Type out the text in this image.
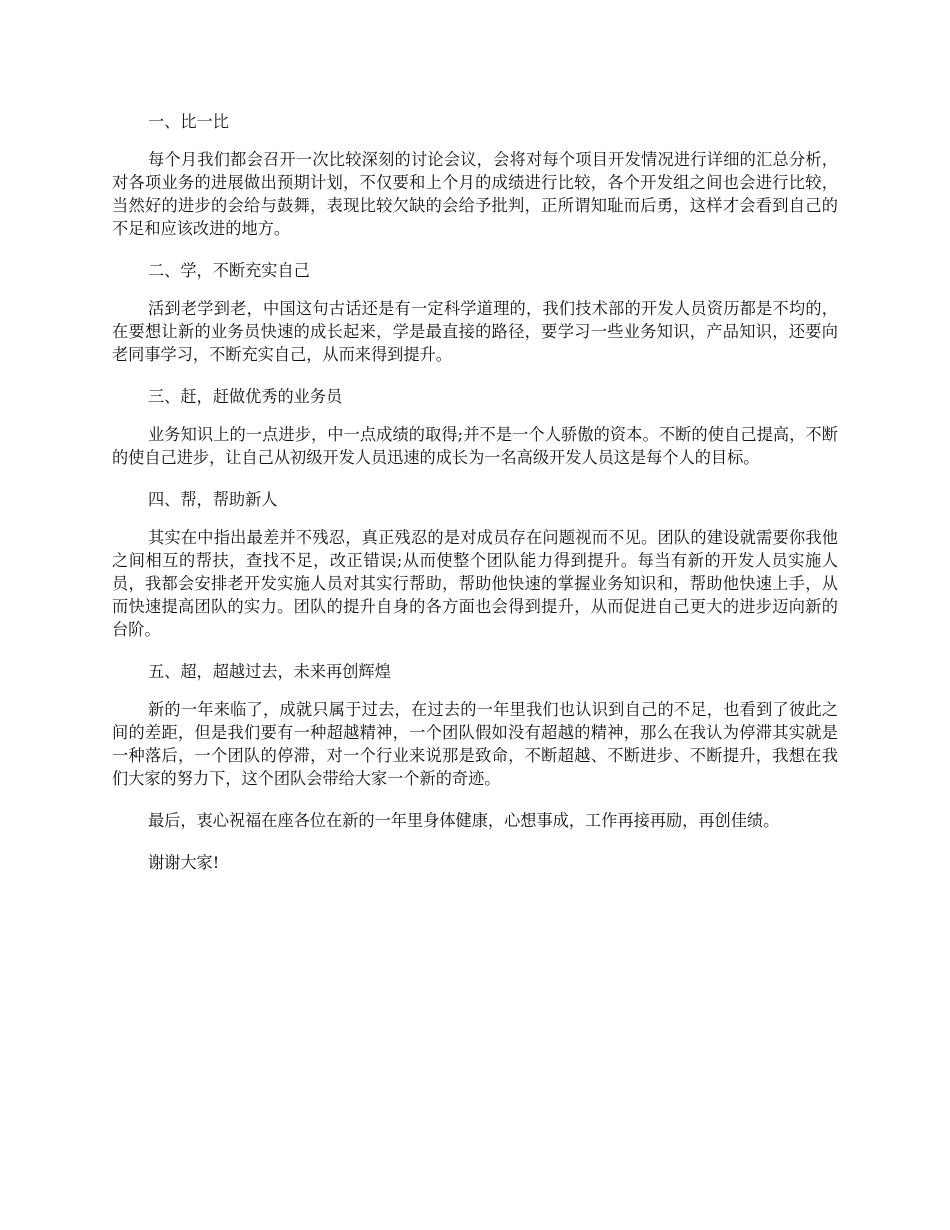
一、比一比

每个月我们都会召开一次比较深刻的讨论会议，会将对每个项目开发情况进行详细的汇总分析，对各项业务的进展做出预期计划，不仅要和上个月的成绩进行比较，各个开发组之间也会进行比较，当然好的进步的会给与鼓舞，表现比较欠缺的会给予批判，正所谓知耻而后勇，这样才会看到自己的不足和应该改进的地方。

二、学，不断充实自己

活到老学到老，中国这句古话还是有一定科学道理的，我们技术部的开发人员资历都是不均的，在要想让新的业务员快速的成长起来，学是最直接的路径，要学习一些业务知识，产品知识，还要向老同事学习，不断充实自己，从而来得到提升。

三、赶，赶做优秀的业务员

业务知识上的一点进步，中一点成绩的取得;并不是一个人骄傲的资本。不断的使自己提高，不断的使自己进步，让自己从初级开发人员迅速的成长为一名高级开发人员这是每个人的目标。

四、帮，帮助新人

其实在中指出最差并不残忍，真正残忍的是对成员存在问题视而不见。团队的建设就需要你我他之间相互的帮扶，查找不足，改正错误;从而使整个团队能力得到提升。每当有新的开发人员实施人员，我都会安排老开发实施人员对其实行帮助，帮助他快速的掌握业务知识和，帮助他快速上手，从而快速提高团队的实力。团队的提升自身的各方面也会得到提升，从而促进自己更大的进步迈向新的台阶。

五、超，超越过去，未来再创辉煌

新的一年来临了，成就只属于过去，在过去的一年里我们也认识到自己的不足，也看到了彼此之间的差距，但是我们要有一种超越精神，一个团队假如没有超越的精神，那么在我认为停滞其实就是一种落后，一个团队的停滞，对一个行业来说那是致命，不断超越、不断进步、不断提升，我想在我们大家的努力下，这个团队会带给大家一个新的奇迹。

最后，衷心祝福在座各位在新的一年里身体健康，心想事成，工作再接再励，再创佳绩。

谢谢大家!
